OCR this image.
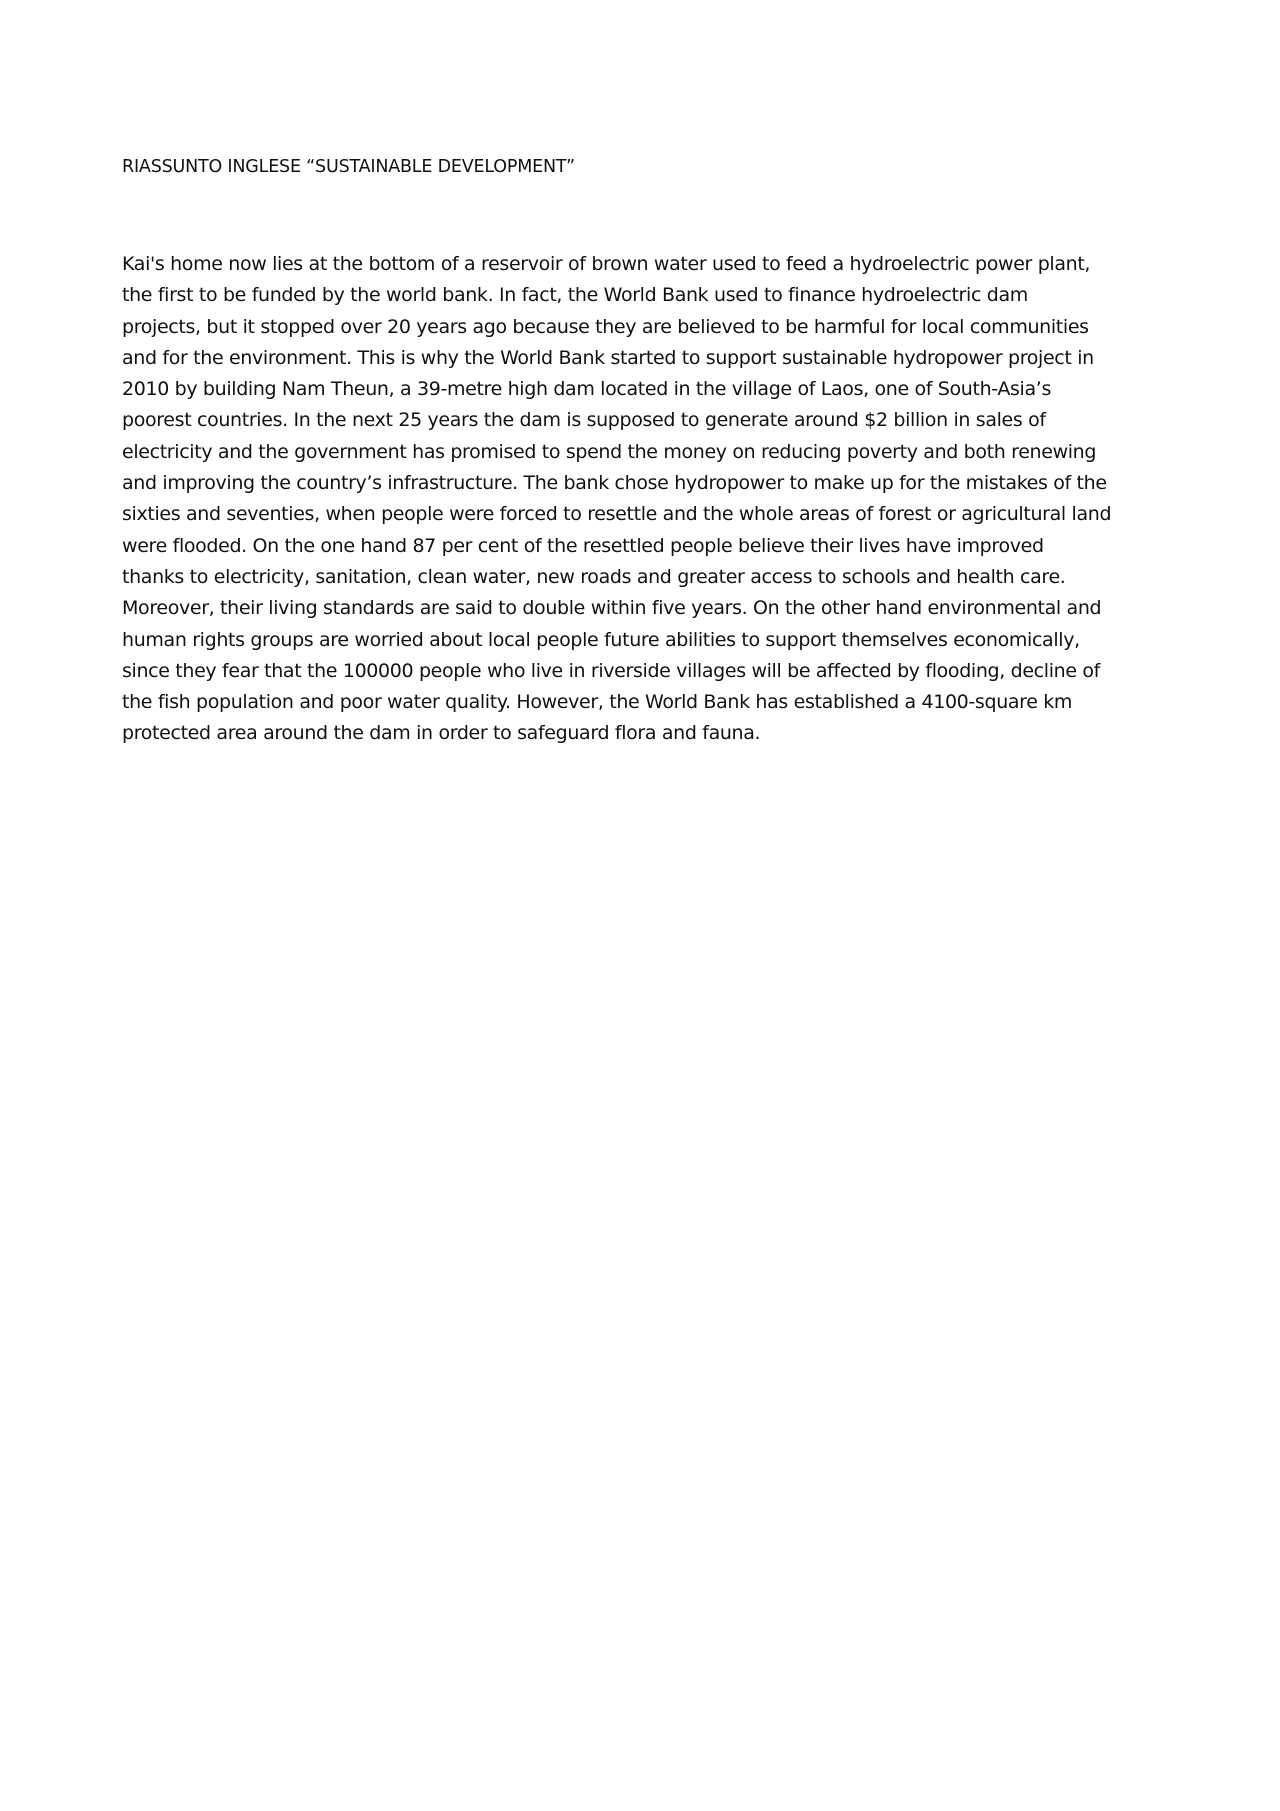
RIASSUNTO INGLESE “SUSTAINABLE DEVELOPMENT”

Kai's home now lies at the bottom of a reservoir of brown water used to feed a hydroelectric power plant,
the first to be funded by the world bank. In fact, the World Bank used to finance hydroelectric dam
projects, but it stopped over 20 years ago because they are believed to be harmful for local communities
and for the environment. This is why the World Bank started to support sustainable hydropower project in
2010 by building Nam Theun, a 39-metre high dam located in the village of Laos, one of South-Asia’s
poorest countries. In the next 25 years the dam is supposed to generate around $2 billion in sales of
electricity and the government has promised to spend the money on reducing poverty and both renewing
and improving the country’s infrastructure. The bank chose hydropower to make up for the mistakes of the
sixties and seventies, when people were forced to resettle and the whole areas of forest or agricultural land
were flooded. On the one hand 87 per cent of the resettled people believe their lives have improved
thanks to electricity, sanitation, clean water, new roads and greater access to schools and health care.
Moreover, their living standards are said to double within five years. On the other hand environmental and
human rights groups are worried about local people future abilities to support themselves economically,
since they fear that the 100000 people who live in riverside villages will be affected by flooding, decline of
the fish population and poor water quality. However, the World Bank has established a 4100-square km
protected area around the dam in order to safeguard flora and fauna.
